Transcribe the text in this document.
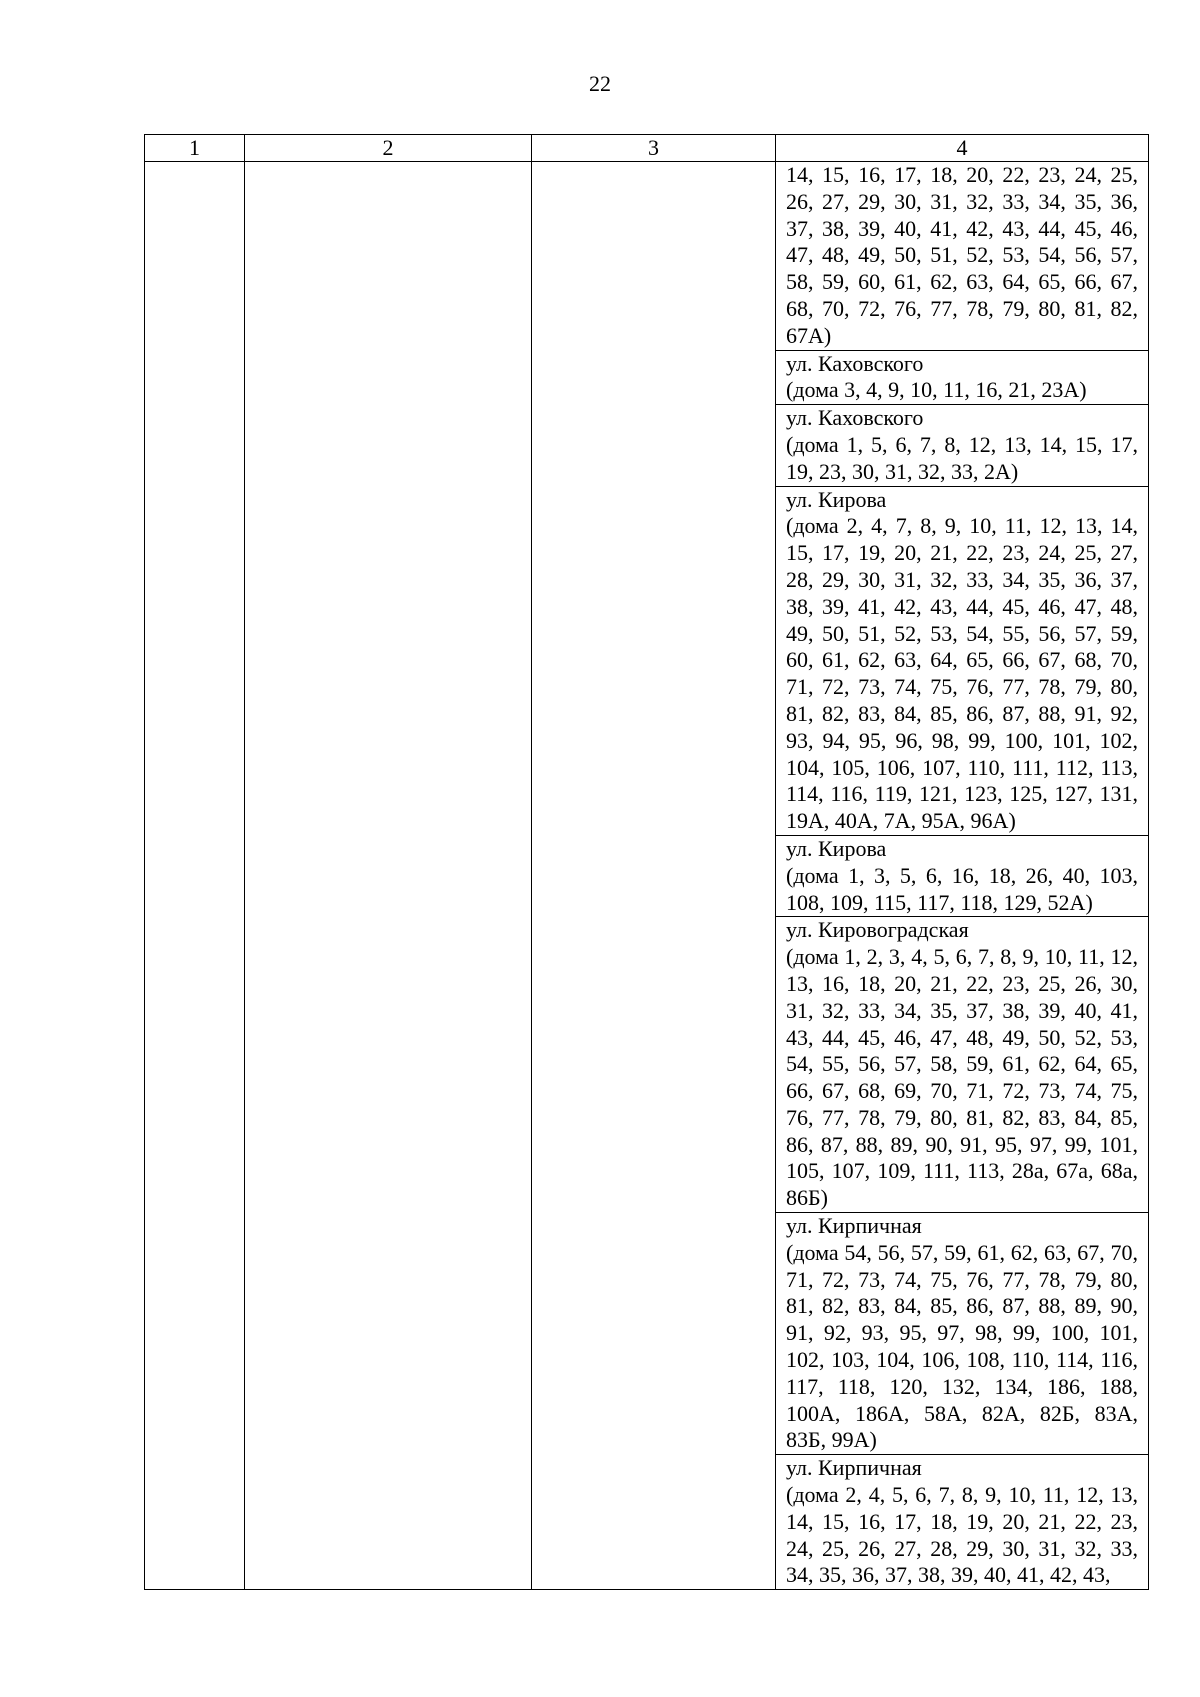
22
1	2	3	4

			14, 15, 16, 17, 18, 20, 22, 23, 24, 25, 26, 27, 29, 30, 31, 32, 33, 34, 35, 36, 37, 38, 39, 40, 41, 42, 43, 44, 45, 46, 47, 48, 49, 50, 51, 52, 53, 54, 56, 57, 58, 59, 60, 61, 62, 63, 64, 65, 66, 67, 68, 70, 72, 76, 77, 78, 79, 80, 81, 82, 67А)

			ул. Каховского
(дома 3, 4, 9, 10, 11, 16, 21, 23А)

			ул. Каховского
(дома 1, 5, 6, 7, 8, 12, 13, 14, 15, 17, 19, 23, 30, 31, 32, 33, 2А)

			ул. Кирова
(дома 2, 4, 7, 8, 9, 10, 11, 12, 13, 14, 15, 17, 19, 20, 21, 22, 23, 24, 25, 27, 28, 29, 30, 31, 32, 33, 34, 35, 36, 37, 38, 39, 41, 42, 43, 44, 45, 46, 47, 48, 49, 50, 51, 52, 53, 54, 55, 56, 57, 59, 60, 61, 62, 63, 64, 65, 66, 67, 68, 70, 71, 72, 73, 74, 75, 76, 77, 78, 79, 80, 81, 82, 83, 84, 85, 86, 87, 88, 91, 92, 93, 94, 95, 96, 98, 99, 100, 101, 102, 104, 105, 106, 107, 110, 111, 112, 113, 114, 116, 119, 121, 123, 125, 127, 131, 19А, 40А, 7А, 95А, 96А)

			ул. Кирова
(дома 1, 3, 5, 6, 16, 18, 26, 40, 103, 108, 109, 115, 117, 118, 129, 52А)

			ул. Кировоградская
(дома 1, 2, 3, 4, 5, 6, 7, 8, 9, 10, 11, 12, 13, 16, 18, 20, 21, 22, 23, 25, 26, 30, 31, 32, 33, 34, 35, 37, 38, 39, 40, 41, 43, 44, 45, 46, 47, 48, 49, 50, 52, 53, 54, 55, 56, 57, 58, 59, 61, 62, 64, 65, 66, 67, 68, 69, 70, 71, 72, 73, 74, 75, 76, 77, 78, 79, 80, 81, 82, 83, 84, 85, 86, 87, 88, 89, 90, 91, 95, 97, 99, 101, 105, 107, 109, 111, 113, 28а, 67а, 68а, 86Б)

			ул. Кирпичная
(дома 54, 56, 57, 59, 61, 62, 63, 67, 70, 71, 72, 73, 74, 75, 76, 77, 78, 79, 80, 81, 82, 83, 84, 85, 86, 87, 88, 89, 90, 91, 92, 93, 95, 97, 98, 99, 100, 101, 102, 103, 104, 106, 108, 110, 114, 116, 117, 118, 120, 132, 134, 186, 188, 100А, 186А, 58А, 82А, 82Б, 83А, 83Б, 99А)

			ул. Кирпичная
(дома 2, 4, 5, 6, 7, 8, 9, 10, 11, 12, 13, 14, 15, 16, 17, 18, 19, 20, 21, 22, 23, 24, 25, 26, 27, 28, 29, 30, 31, 32, 33, 34, 35, 36, 37, 38, 39, 40, 41, 42, 43,
